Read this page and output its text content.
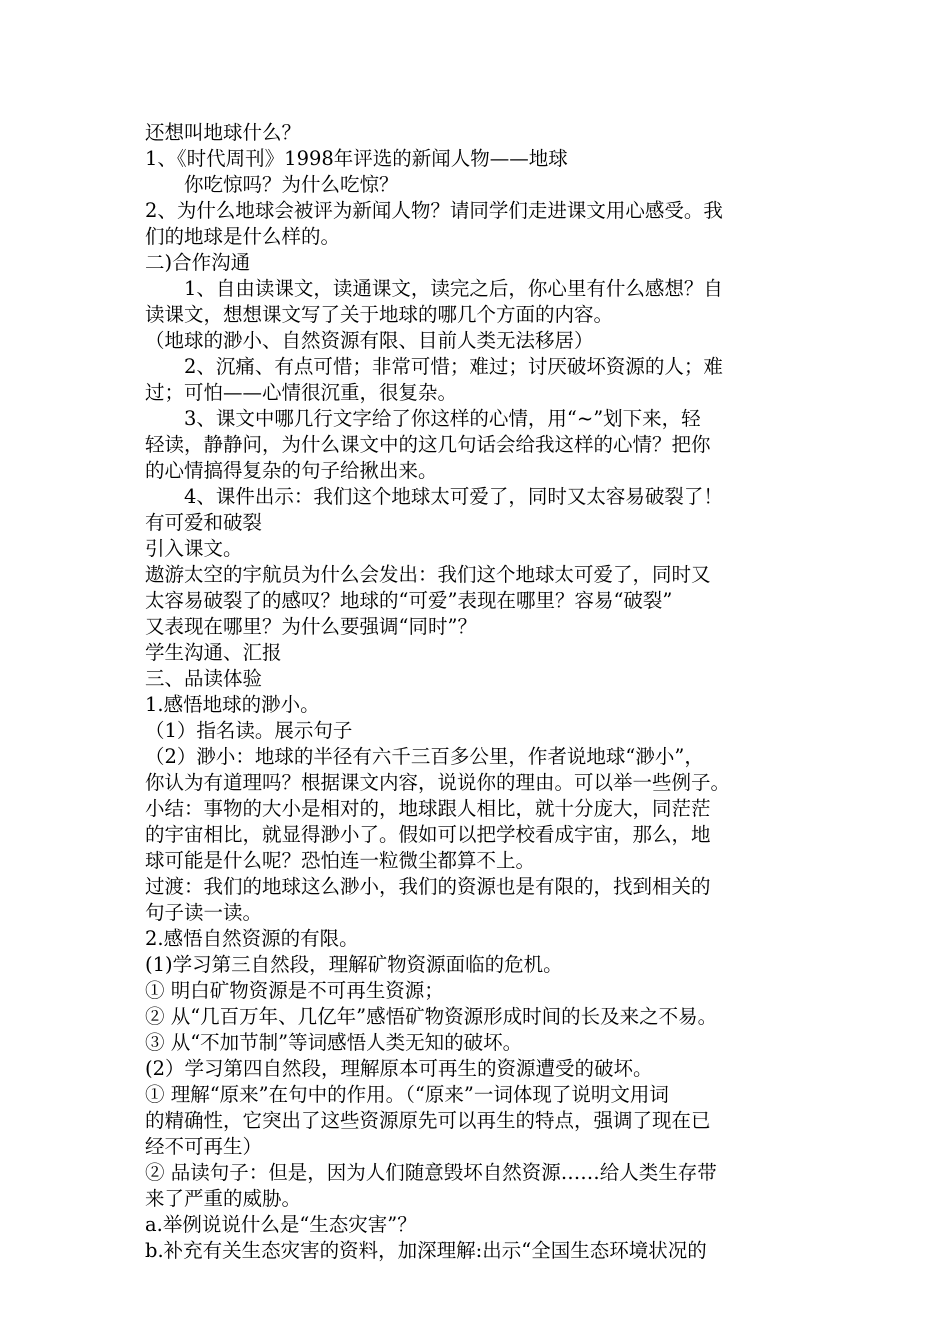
还想叫地球什么？
1、《时代周刊》1998年评选的新闻人物——地球
你吃惊吗？为什么吃惊？
2、为什么地球会被评为新闻人物？请同学们走进课文用心感受。我
们的地球是什么样的。
二)合作沟通
1、自由读课文，读通课文，读完之后，你心里有什么感想？自
读课文，想想课文写了关于地球的哪几个方面的内容。
（地球的渺小、自然资源有限、目前人类无法移居）
2、沉痛、有点可惜；非常可惜；难过；讨厌破坏资源的人；难
过；可怕——心情很沉重，很复杂。
3、课文中哪几行文字给了你这样的心情，用“~”划下来，轻
轻读，静静问，为什么课文中的这几句话会给我这样的心情？把你
的心情搞得复杂的句子给揪出来。
4、课件出示：我们这个地球太可爱了，同时又太容易破裂了！
有可爱和破裂
引入课文。
遨游太空的宇航员为什么会发出：我们这个地球太可爱了，同时又
太容易破裂了的感叹？地球的“可爱”表现在哪里？容易“破裂”
又表现在哪里？为什么要强调“同时”？
学生沟通、汇报
三、品读体验
1.感悟地球的渺小。
（1）指名读。展示句子
（2）渺小：地球的半径有六千三百多公里，作者说地球“渺小”，
你认为有道理吗？根据课文内容，说说你的理由。可以举一些例子。
小结：事物的大小是相对的，地球跟人相比，就十分庞大，同茫茫
的宇宙相比，就显得渺小了。假如可以把学校看成宇宙，那么，地
球可能是什么呢？恐怕连一粒微尘都算不上。
过渡：我们的地球这么渺小，我们的资源也是有限的，找到相关的
句子读一读。
2.感悟自然资源的有限。
(1)学习第三自然段，理解矿物资源面临的危机。
① 明白矿物资源是不可再生资源；
② 从“几百万年、几亿年”感悟矿物资源形成时间的长及来之不易。
③ 从“不加节制”等词感悟人类无知的破坏。
(2）学习第四自然段，理解原本可再生的资源遭受的破坏。
① 理解“原来”在句中的作用。（“原来”一词体现了说明文用词
的精确性，它突出了这些资源原先可以再生的特点，强调了现在已
经不可再生）
② 品读句子：但是，因为人们随意毁坏自然资源……给人类生存带
来了严重的威胁。
a.举例说说什么是“生态灾害”？
b.补充有关生态灾害的资料，加深理解:出示“全国生态环境状况的
